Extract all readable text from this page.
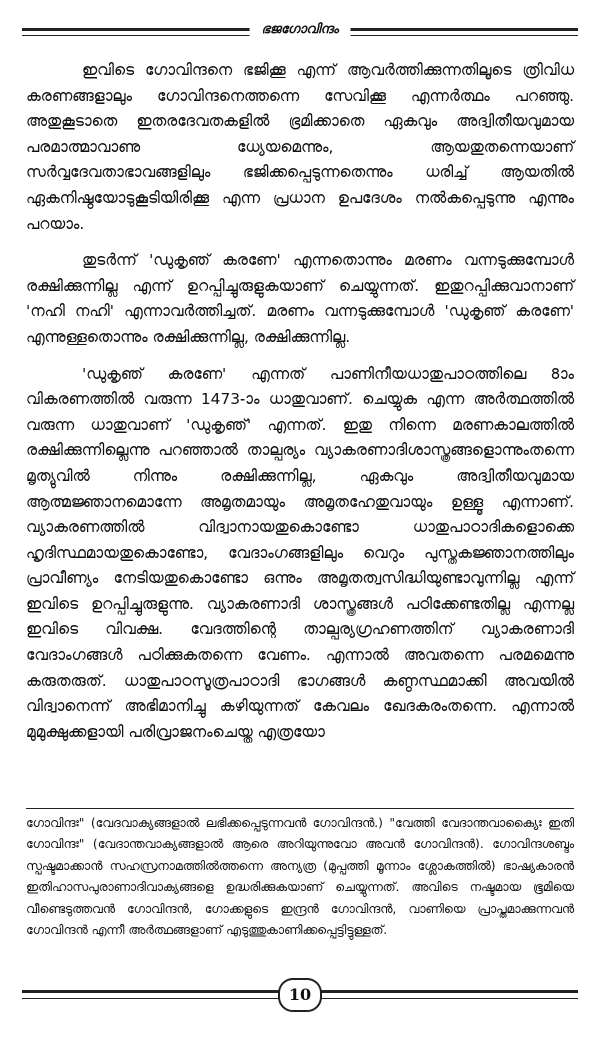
ഭജഗോവിന്ദം

ഇവിടെ ഗോവിന്ദനെ ഭജിക്കൂ എന്ന് ആവർത്തിക്കുന്നതിലൂടെ ത്രിവിധ കരണങ്ങളാലും ഗോവിന്ദനെത്തന്നെ സേവിക്കൂ എന്നർത്ഥം പറഞ്ഞു. അതുകൂടാതെ ഇതരദേവതകളിൽ ഭ്രമിക്കാതെ ഏകവും അദ്വിതീയവുമായ പരമാത്മാവാണു ധ്യേയമെന്നും, ആയതുതന്നെയാണ് സർവ്വദേവതാഭാവങ്ങളിലും ഭജിക്കപ്പെടുന്നതെന്നും ധരിച്ച് ആയതിൽ ഏകനിഷ്ഠയോടുകൂടിയിരിക്കൂ എന്ന പ്രധാന ഉപദേശം നൽകപ്പെടുന്നു എന്നും പറയാം.

തുടർന്ന് 'ഡുകൃഞ് കരണേ' എന്നതൊന്നും മരണം വന്നടുക്കുമ്പോൾ രക്ഷിക്കുന്നില്ല എന്ന് ഉറപ്പിച്ചുരുളുകയാണ് ചെയ്യുന്നത്. ഇതുറപ്പിക്കുവാനാണ് 'നഹി നഹി' എന്നാവർത്തിച്ചത്. മരണം വന്നടുക്കുമ്പോൾ 'ഡുകൃഞ് കരണേ' എന്നുള്ളതൊന്നും രക്ഷിക്കുന്നില്ല, രക്ഷിക്കുന്നില്ല.

'ഡുകൃഞ് കരണേ' എന്നത് പാണിനീയധാതുപാഠത്തിലെ 8ാം വികരണത്തിൽ വരുന്ന 1473-ാം ധാതുവാണ്. ചെയ്യുക എന്ന അർത്ഥത്തിൽ വരുന്ന ധാതുവാണ് 'ഡുകൃഞ്' എന്നത്. ഇതു നിന്നെ മരണകാലത്തിൽ രക്ഷിക്കുന്നില്ലെന്നു പറഞ്ഞാൽ താല്പര്യം വ്യാകരണാദിശാസ്ത്രങ്ങളൊന്നുംതന്നെ മൃത്യുവിൽ നിന്നും രക്ഷിക്കുന്നില്ല, ഏകവും അദ്വിതീയവുമായ ആത്മജ്ഞാനമൊന്നേ അമൃതമായും അമൃതഹേതുവായും ഉള്ളൂ എന്നാണ്. വ്യാകരണത്തിൽ വിദ്വാനായതുകൊണ്ടോ ധാതുപാഠാദികളൊക്കെ ഹൃദിസ്ഥമായതുകൊണ്ടോ, വേദാംഗങ്ങളിലും വെറും പുസ്തകജ്ഞാനത്തിലും പ്രാവീണ്യം നേടിയതുകൊണ്ടോ ഒന്നും അമൃതത്വസിദ്ധിയുണ്ടാവുന്നില്ല എന്ന് ഇവിടെ ഉറപ്പിച്ചുരുളുന്നു. വ്യാകരണാദി ശാസ്ത്രങ്ങൾ പഠിക്കേണ്ടതില്ല എന്നല്ല ഇവിടെ വിവക്ഷ. വേദത്തിന്റെ താല്പര്യഗ്രഹണത്തിന് വ്യാകരണാദി വേദാംഗങ്ങൾ പഠിക്കുകതന്നെ വേണം. എന്നാൽ അവതന്നെ പരമമെന്നു കരുതരുത്. ധാതുപാഠസൂത്രപാഠാദി ഭാഗങ്ങൾ കണ്ഠസ്ഥമാക്കി അവയിൽ വിദ്വാനെന്ന് അഭിമാനിച്ചു കഴിയുന്നത് കേവലം ഖേദകരംതന്നെ. എന്നാൽ മുമുക്ഷുക്കളായി പരിവ്രാജനംചെയ്ത എത്രയോ

ഗോവിന്ദഃ" (വേദവാക്യങ്ങളാൽ ലഭിക്കപ്പെടുന്നവൻ ഗോവിന്ദൻ.) "വേത്തി വേദാന്തവാക്യൈഃ ഇതി ഗോവിന്ദഃ" (വേദാന്തവാക്യങ്ങളാൽ ആരെ അറിയുന്നുവോ അവൻ ഗോവിന്ദൻ). ഗോവിന്ദശബ്ദം സ്പഷ്ടമാക്കാൻ സഹസ്രനാമത്തിൽത്തന്നെ അന്യത്ര (മുപ്പത്തി മൂന്നാം ശ്ലോകത്തിൽ) ഭാഷ്യകാരൻ ഇതിഹാസപുരാണാദിവാക്യങ്ങളെ ഉദ്ധരിക്കുകയാണ് ചെയ്യുന്നത്. അവിടെ നഷ്ടമായ ഭൂമിയെ വീണ്ടെടുത്തവൻ ഗോവിന്ദൻ, ഗോക്കളുടെ ഇന്ദ്രൻ ഗോവിന്ദൻ, വാണിയെ പ്രാപ്തമാക്കുന്നവൻ ഗോവിന്ദൻ എന്നീ അർത്ഥങ്ങളാണ് എടുത്തുകാണിക്കപ്പെട്ടിട്ടുള്ളത്.

10
